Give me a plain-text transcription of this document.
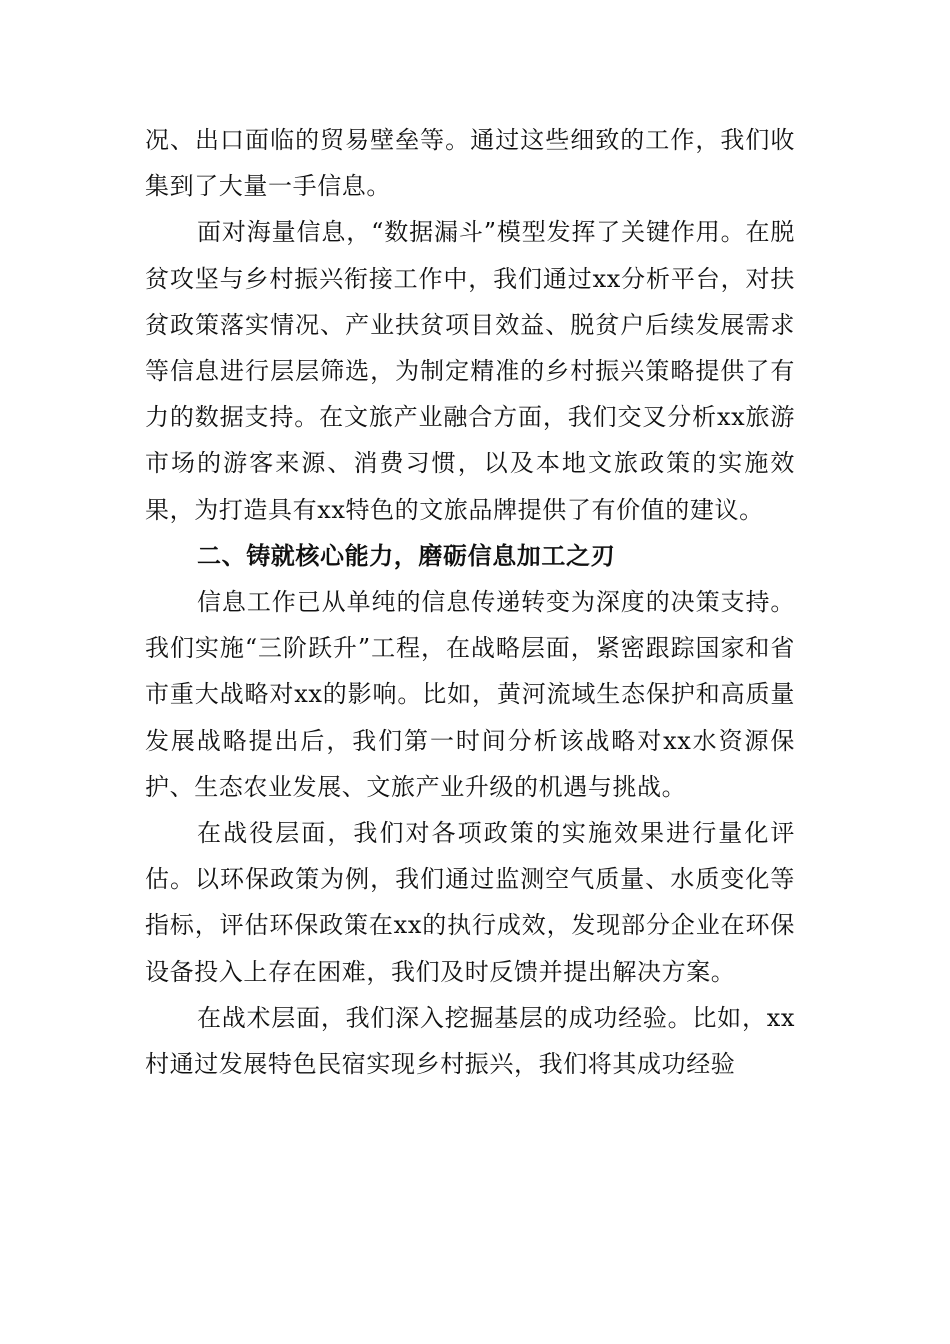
况、出口面临的贸易壁垒等。通过这些细致的工作，我们收集到了大量一手信息。

面对海量信息，“数据漏斗”模型发挥了关键作用。在脱贫攻坚与乡村振兴衔接工作中，我们通过xx分析平台，对扶贫政策落实情况、产业扶贫项目效益、脱贫户后续发展需求等信息进行层层筛选，为制定精准的乡村振兴策略提供了有力的数据支持。在文旅产业融合方面，我们交叉分析xx旅游市场的游客来源、消费习惯，以及本地文旅政策的实施效果，为打造具有xx特色的文旅品牌提供了有价值的建议。

二、铸就核心能力，磨砺信息加工之刃

信息工作已从单纯的信息传递转变为深度的决策支持。我们实施“三阶跃升”工程，在战略层面，紧密跟踪国家和省市重大战略对xx的影响。比如，黄河流域生态保护和高质量发展战略提出后，我们第一时间分析该战略对xx水资源保护、生态农业发展、文旅产业升级的机遇与挑战。

在战役层面，我们对各项政策的实施效果进行量化评估。以环保政策为例，我们通过监测空气质量、水质变化等指标，评估环保政策在xx的执行成效，发现部分企业在环保设备投入上存在困难，我们及时反馈并提出解决方案。

在战术层面，我们深入挖掘基层的成功经验。比如，xx村通过发展特色民宿实现乡村振兴，我们将其成功经验
